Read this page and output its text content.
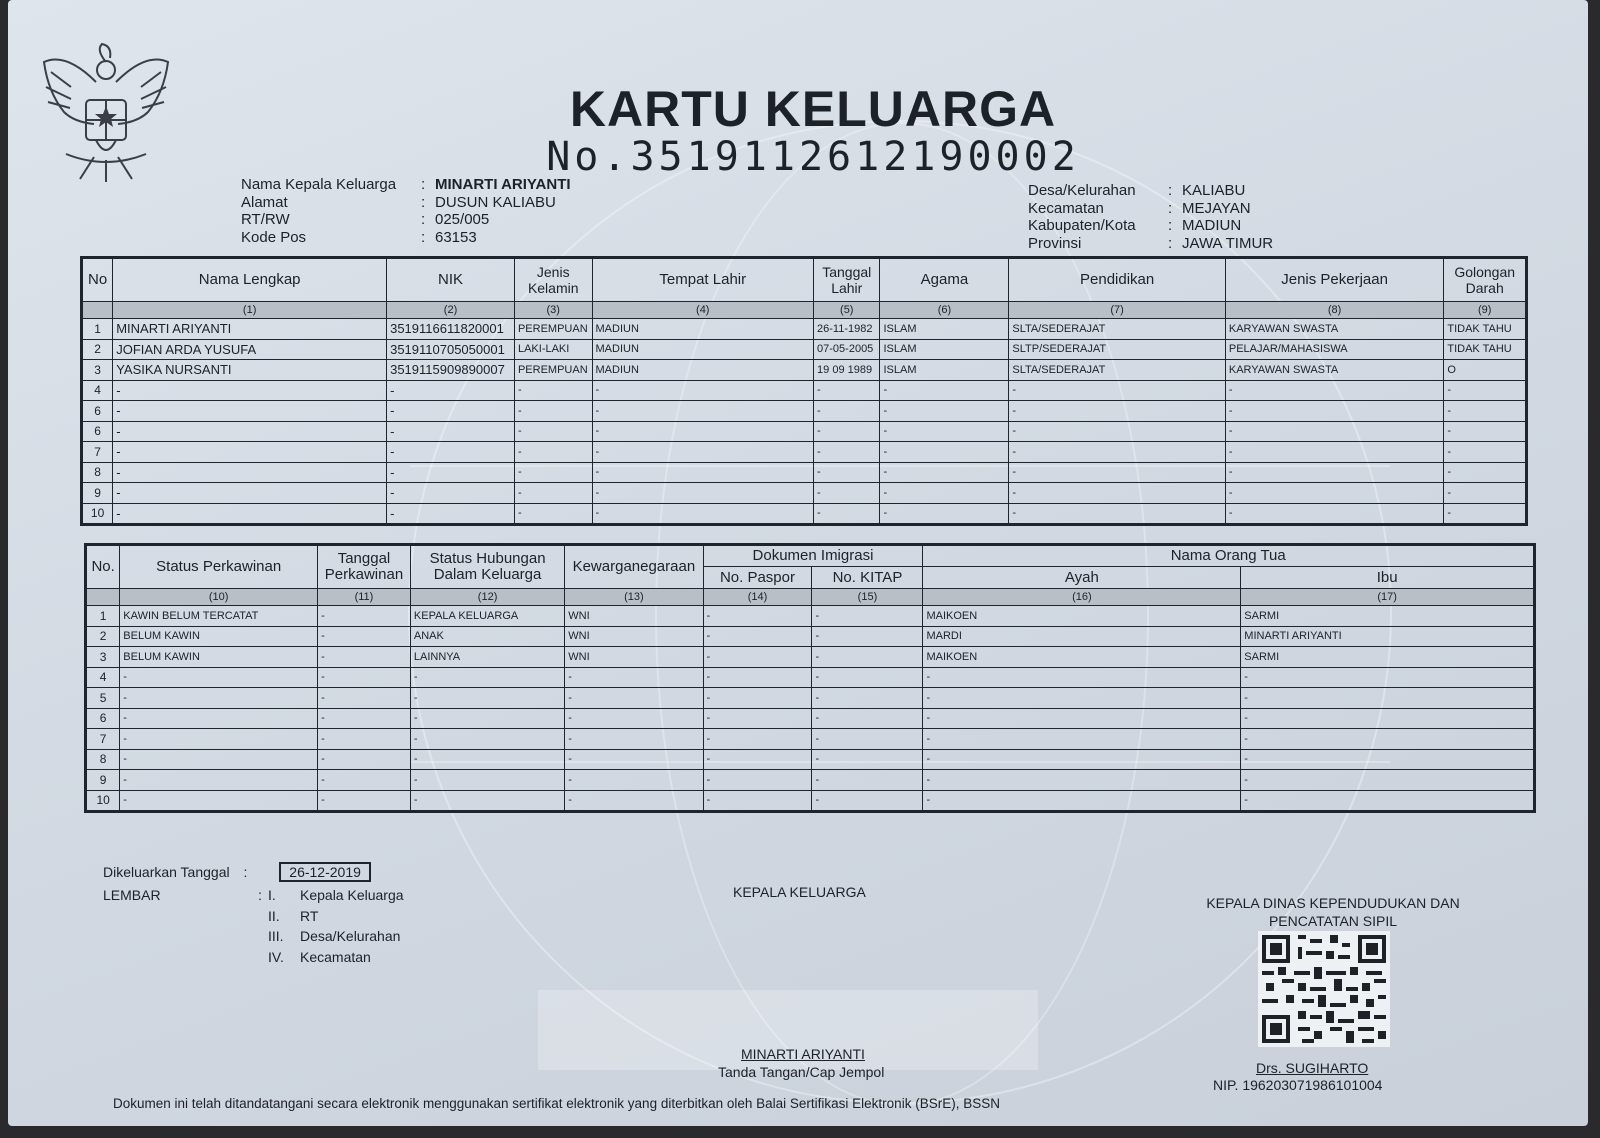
KARTU KELUARGA
No.3519112612190002
Nama Kepala Keluarga	: MINARTI ARIYANTI
Alamat	: DUSUN KALIABU
RT/RW	: 025/005
Kode Pos	: 63153
Desa/Kelurahan	: KALIABU
Kecamatan	: MEJAYAN
Kabupaten/Kota	: MADIUN
Provinsi	: JAWA TIMUR
No	Nama Lengkap	NIK	Jenis Kelamin	Tempat Lahir	Tanggal Lahir	Agama	Pendidikan	Jenis Pekerjaan	Golongan Darah
	(1)	(2)	(3)	(4)	(5)	(6)	(7)	(8)	(9)
1	MINARTI ARIYANTI	3519116611820001	PEREMPUAN	MADIUN	26-11-1982	ISLAM	SLTA/SEDERAJAT	KARYAWAN SWASTA	TIDAK TAHU
2	JOFIAN ARDA YUSUFA	3519110705050001	LAKI-LAKI	MADIUN	07-05-2005	ISLAM	SLTP/SEDERAJAT	PELAJAR/MAHASISWA	TIDAK TAHU
3	YASIKA NURSANTI	3519115909890007	PEREMPUAN	MADIUN	19 09 1989	ISLAM	SLTA/SEDERAJAT	KARYAWAN SWASTA	O
4	-	-	-	-	-	-	-	-	-
6	-	-	-	-	-	-	-	-	-
6	-	-	-	-	-	-	-	-	-
7	-	-	-	-	-	-	-	-	-
8	-	-	-	-	-	-	-	-	-
9	-	-	-	-	-	-	-	-	-
10	-	-	-	-	-	-	-	-	-
No.	Status Perkawinan	Tanggal Perkawinan	Status Hubungan Dalam Keluarga	Kewarganegaraan	Dokumen Imigrasi		Nama Orang Tua	
					No. Paspor	No. KITAP	Ayah	Ibu
	(10)	(11)	(12)	(13)	(14)	(15)	(16)	(17)
1	KAWIN BELUM TERCATAT	-	KEPALA KELUARGA	WNI	-	-	MAIKOEN	SARMI
2	BELUM KAWIN	-	ANAK	WNI	-	-	MARDI	MINARTI ARIYANTI
3	BELUM KAWIN	-	LAINNYA	WNI	-	-	MAIKOEN	SARMI
4	-	-	-	-	-	-	-	-
5	-	-	-	-	-	-	-	-
6	-	-	-	-	-	-	-	-
7	-	-	-	-	-	-	-	-
8	-	-	-	-	-	-	-	-
9	-	-	-	-	-	-	-	-
10	-	-	-	-	-	-	-	-
Dikeluarkan Tanggal :	26-12-2019
LEMBAR	: I.	Kepala Keluarga
II.	RT
III.	Desa/Kelurahan
IV.	Kecamatan
KEPALA KELUARGA
MINARTI ARIYANTI
Tanda Tangan/Cap Jempol
KEPALA DINAS KEPENDUDUKAN DAN
PENCATATAN SIPIL
Drs. SUGIHARTO
NIP. 196203071986101004
Dokumen ini telah ditandatangani secara elektronik menggunakan sertifikat elektronik yang diterbitkan oleh Balai Sertifikasi Elektronik (BSrE), BSSN
